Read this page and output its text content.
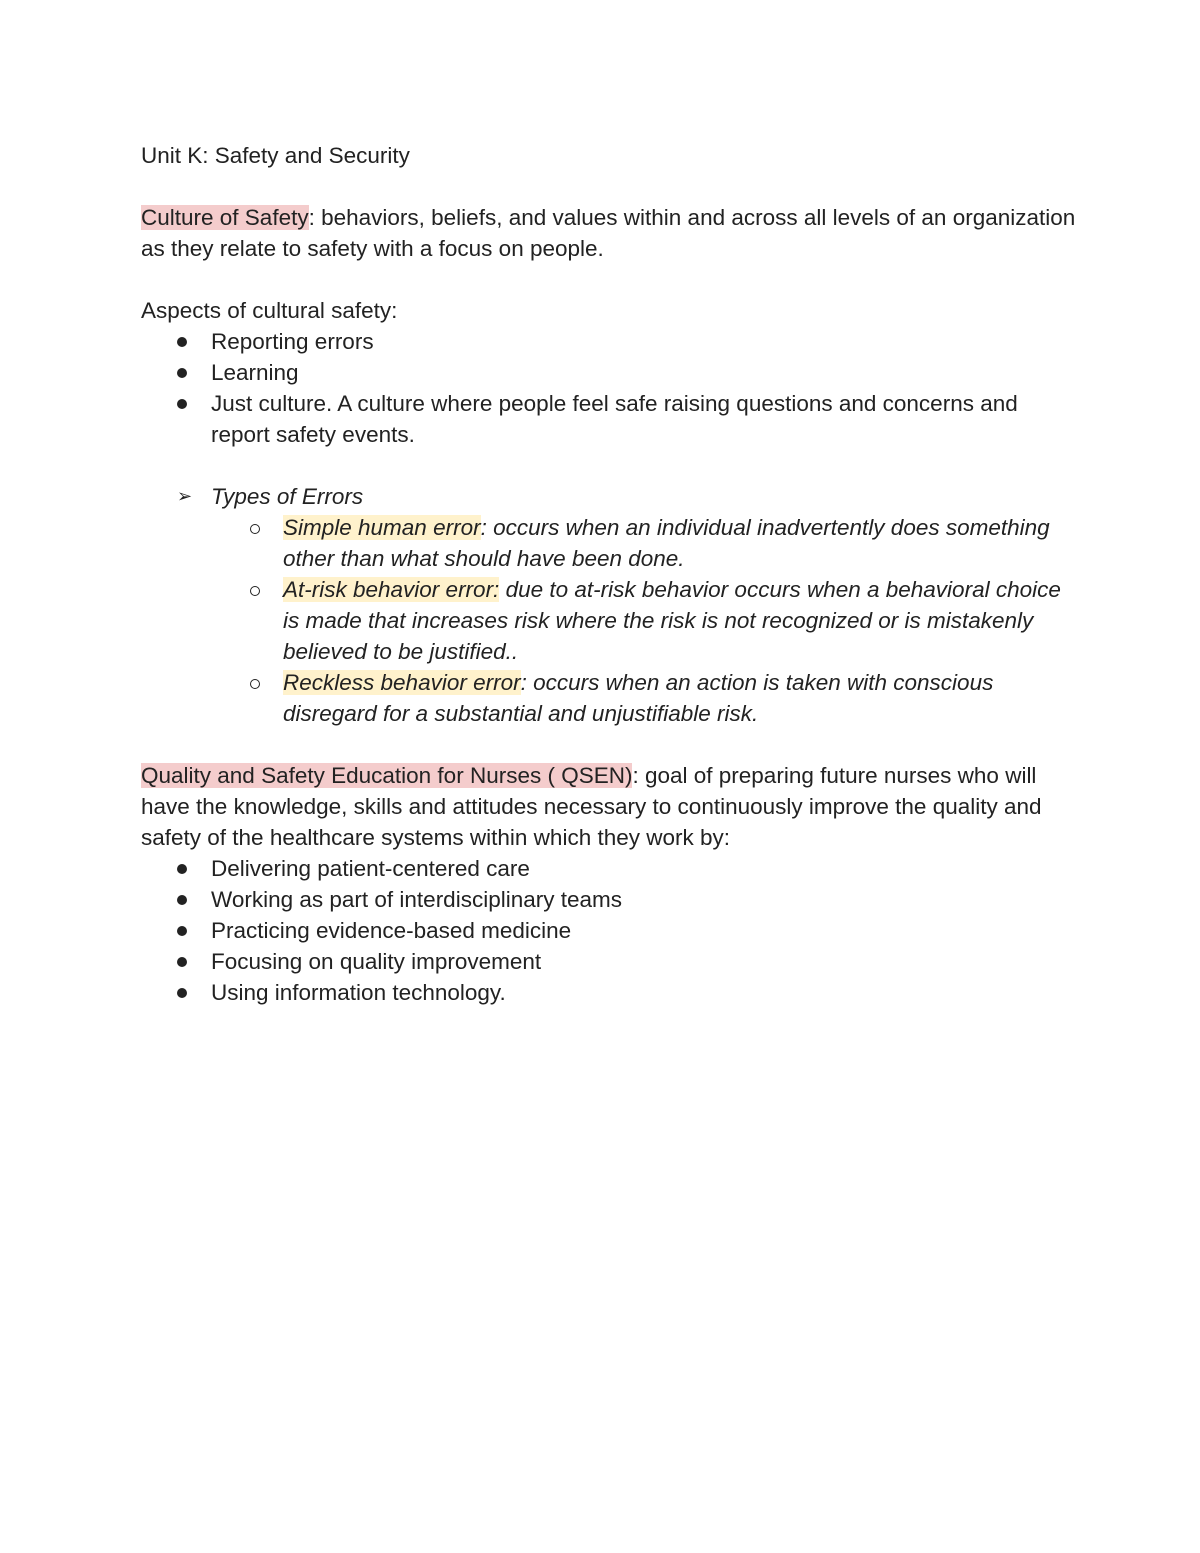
Unit K: Safety and Security

Culture of Safety: behaviors, beliefs, and values within and across all levels of an organization as they relate to safety with a focus on people.

Aspects of cultural safety:

Reporting errors
Learning
Just culture. A culture where people feel safe raising questions and concerns and report safety events.
➢ Types of Errors
Simple human error: occurs when an individual inadvertently does something other than what should have been done.
At-risk behavior error: due to at-risk behavior occurs when a behavioral choice is made that increases risk where the risk is not recognized or is mistakenly believed to be justified..
Reckless behavior error: occurs when an action is taken with conscious disregard for a substantial and unjustifiable risk.

Quality and Safety Education for Nurses ( QSEN): goal of preparing future nurses who will have the knowledge, skills and attitudes necessary to continuously improve the quality and safety of the healthcare systems within which they work by:

Delivering patient-centered care
Working as part of interdisciplinary teams
Practicing evidence-based medicine
Focusing on quality improvement
Using information technology.
